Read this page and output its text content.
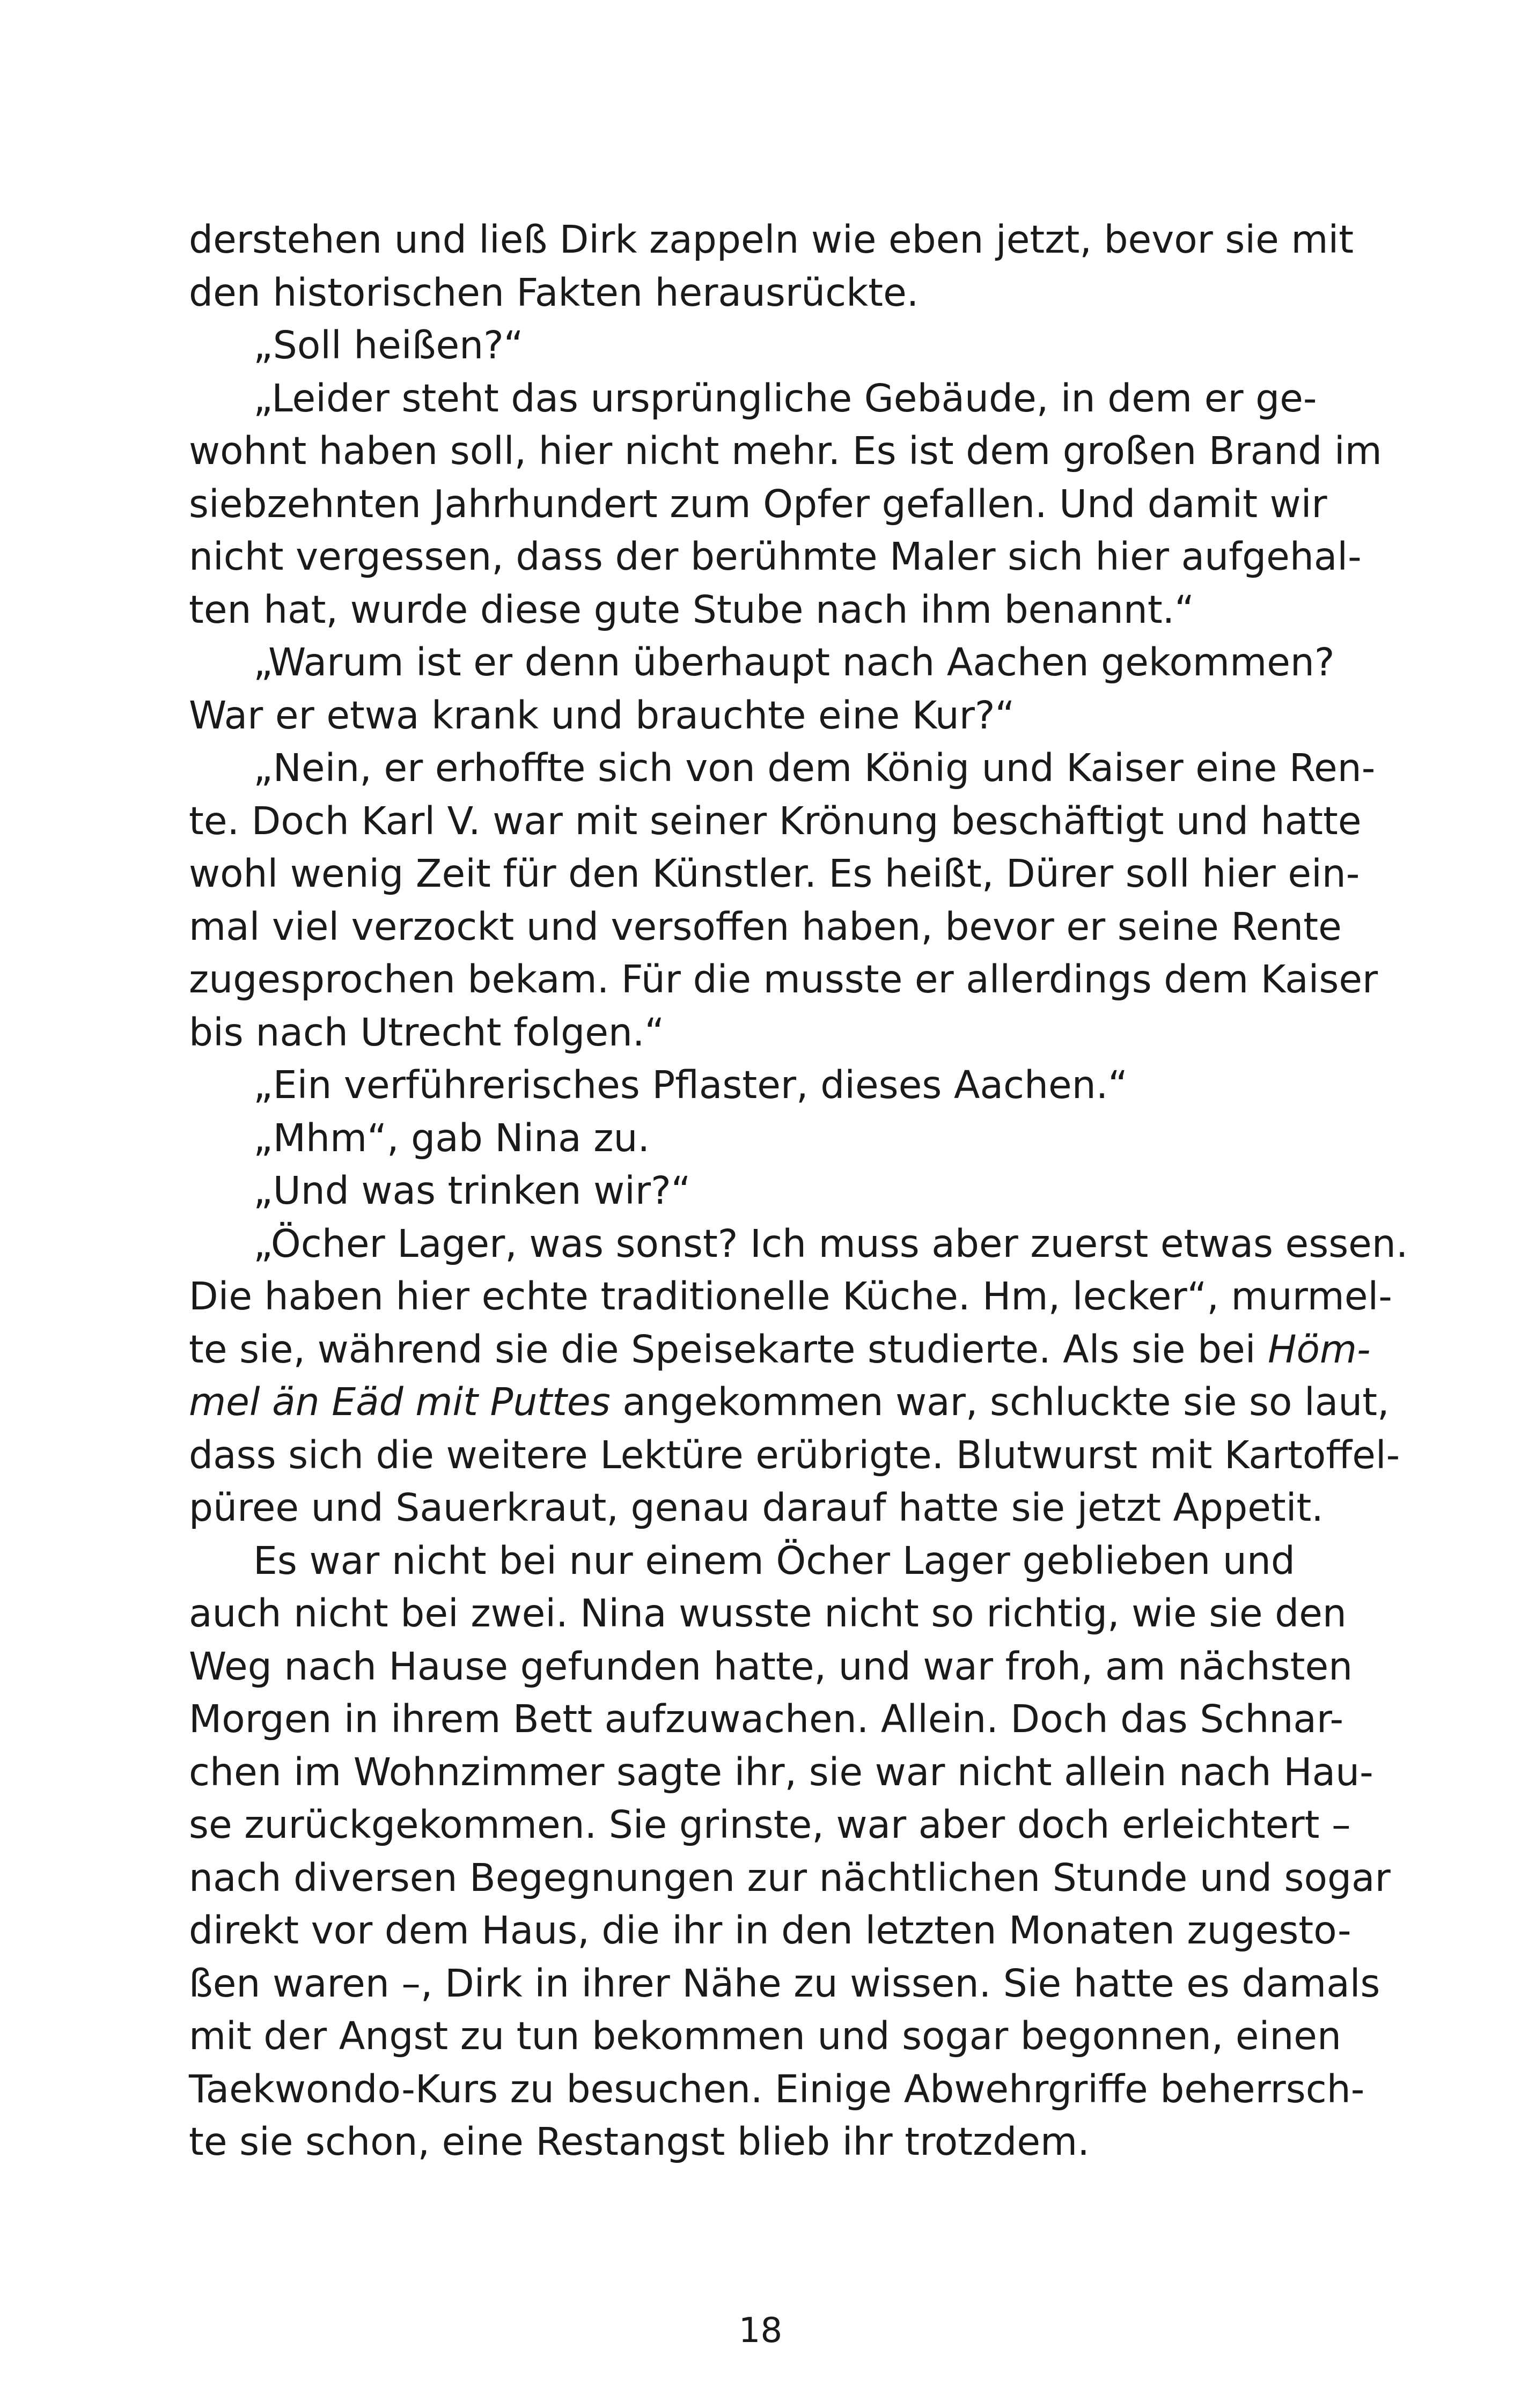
derstehen und ließ Dirk zappeln wie eben jetzt, bevor sie mit
den historischen Fakten herausrückte.
„Soll heißen?“
„Leider steht das ursprüngliche Gebäude, in dem er ge-
wohnt haben soll, hier nicht mehr. Es ist dem großen Brand im
siebzehnten Jahrhundert zum Opfer gefallen. Und damit wir
nicht vergessen, dass der berühmte Maler sich hier aufgehal-
ten hat, wurde diese gute Stube nach ihm benannt.“
„Warum ist er denn überhaupt nach Aachen gekommen?
War er etwa krank und brauchte eine Kur?“
„Nein, er erhoffte sich von dem König und Kaiser eine Ren-
te. Doch Karl V. war mit seiner Krönung beschäftigt und hatte
wohl wenig Zeit für den Künstler. Es heißt, Dürer soll hier ein-
mal viel verzockt und versoffen haben, bevor er seine Rente
zugesprochen bekam. Für die musste er allerdings dem Kaiser
bis nach Utrecht folgen.“
„Ein verführerisches Pflaster, dieses Aachen.“
„Mhm“, gab Nina zu.
„Und was trinken wir?“
„Öcher Lager, was sonst? Ich muss aber zuerst etwas essen.
Die haben hier echte traditionelle Küche. Hm, lecker“, murmel-
te sie, während sie die Speisekarte studierte. Als sie bei Höm-
mel än Eäd mit Puttes angekommen war, schluckte sie so laut,
dass sich die weitere Lektüre erübrigte. Blutwurst mit Kartoffel-
püree und Sauerkraut, genau darauf hatte sie jetzt Appetit.
Es war nicht bei nur einem Öcher Lager geblieben und
auch nicht bei zwei. Nina wusste nicht so richtig, wie sie den
Weg nach Hause gefunden hatte, und war froh, am nächsten
Morgen in ihrem Bett aufzuwachen. Allein. Doch das Schnar-
chen im Wohnzimmer sagte ihr, sie war nicht allein nach Hau-
se zurückgekommen. Sie grinste, war aber doch erleichtert –
nach diversen Begegnungen zur nächtlichen Stunde und sogar
direkt vor dem Haus, die ihr in den letzten Monaten zugesto-
ßen waren –, Dirk in ihrer Nähe zu wissen. Sie hatte es damals
mit der Angst zu tun bekommen und sogar begonnen, einen
Taekwondo-Kurs zu besuchen. Einige Abwehrgriffe beherrsch-
te sie schon, eine Restangst blieb ihr trotzdem.
18
